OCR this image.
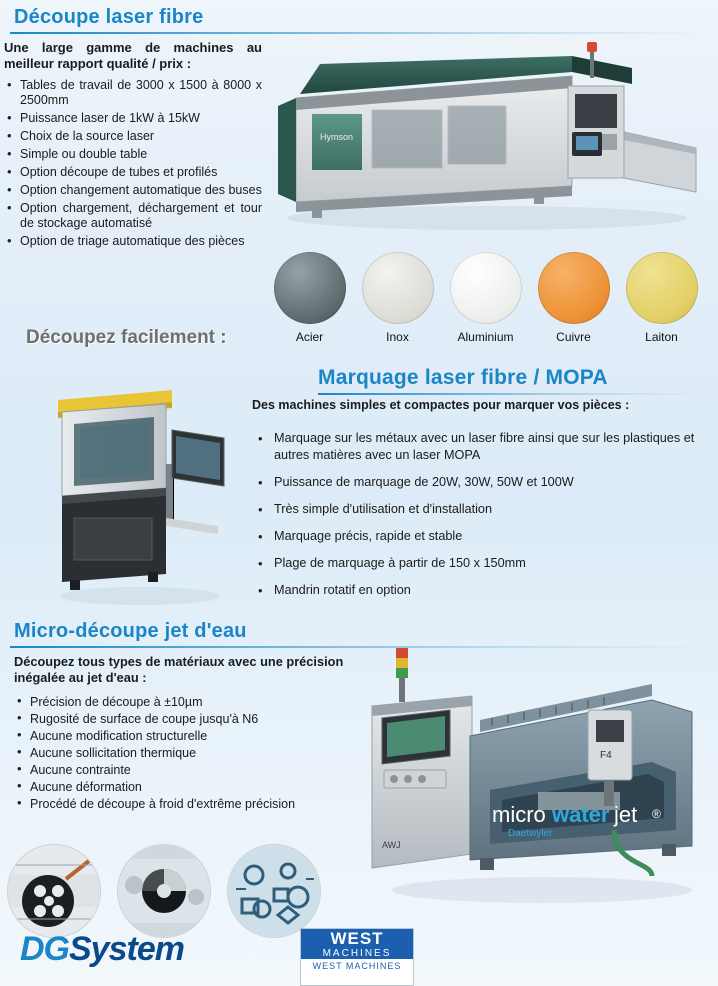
Découpe laser fibre
Une large gamme de machines au meilleur rapport qualité / prix :
• Tables de travail de 3000 x 1500 à 8000 x 2500mm
• Puissance laser de 1kW à 15kW
• Choix de la source laser
• Simple ou double table
• Option découpe de tubes et profilés
• Option changement automatique des buses
• Option chargement, déchargement et tour de stockage automatisé
• Option de triage automatique des pièces
Hymson
Acier	Inox	Aluminium	Cuivre	Laiton
Découpez facilement :
Marquage laser fibre / MOPA
Des machines simples et compactes pour marquer vos pièces :
• Marquage sur les métaux avec un laser fibre ainsi que sur les plastiques et autres matières avec un laser MOPA
• Puissance de marquage de 20W, 30W, 50W et 100W
• Très simple d'utilisation et d'installation
• Marquage précis, rapide et stable
• Plage de marquage à partir de 150 x 150mm
• Mandrin rotatif en option
Micro-découpe jet d'eau
Découpez tous types de matériaux avec une précision inégalée au jet d'eau :
• Précision de découpe à ±10µm
• Rugosité de surface de coupe jusqu'à N6
• Aucune modification structurelle
• Aucune sollicitation thermique
• Aucune contrainte
• Aucune déformation
• Procédé de découpe à froid d'extrême précision
AWJ
F4
micro water jet ®
Daetwyler
DGSystem	WEST
MACHINES
WEST MACHINES
